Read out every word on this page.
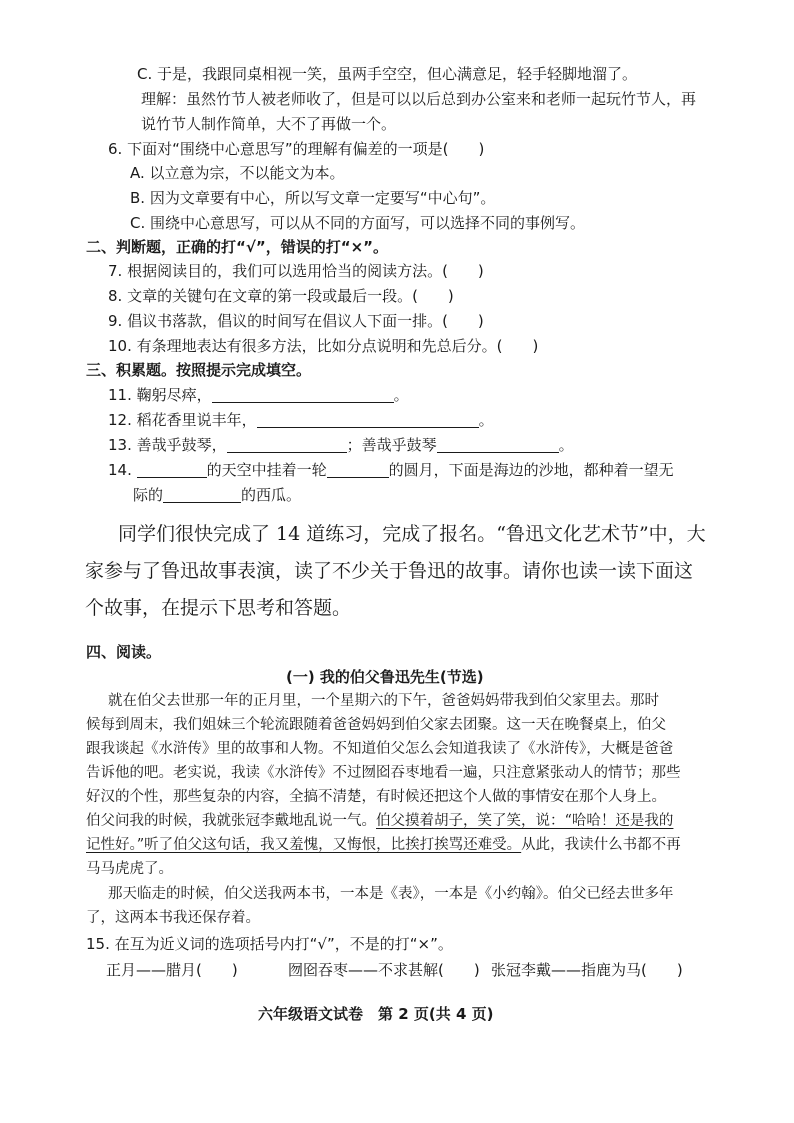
C. 于是，我跟同桌相视一笑，虽两手空空，但心满意足，轻手轻脚地溜了。
理解：虽然竹节人被老师收了，但是可以以后总到办公室来和老师一起玩竹节人，再
说竹节人制作简单，大不了再做一个。
6. 下面对“围绕中心意思写”的理解有偏差的一项是(　　)
A. 以立意为宗，不以能文为本。
B. 因为文章要有中心，所以写文章一定要写“中心句”。
C. 围绕中心意思写，可以从不同的方面写，可以选择不同的事例写。
二、判断题，正确的打“√”，错误的打“×”。
7. 根据阅读目的，我们可以选用恰当的阅读方法。(　　)
8. 文章的关键句在文章的第一段或最后一段。(　　)
9. 倡议书落款，倡议的时间写在倡议人下面一排。(　　)
10. 有条理地表达有很多方法，比如分点说明和先总后分。(　　)
三、积累题。按照提示完成填空。
11. 鞠躬尽瘁，	。
12. 稻花香里说丰年，	。
13. 善哉乎鼓琴，	；善哉乎鼓琴	。
14.	的天空中挂着一轮	的圆月，下面是海边的沙地，都种着一望无
际的	的西瓜。
同学们很快完成了 14 道练习，完成了报名。“鲁迅文化艺术节”中，大
家参与了鲁迅故事表演，读了不少关于鲁迅的故事。请你也读一读下面这
个故事，在提示下思考和答题。
四、阅读。
(一) 我的伯父鲁迅先生(节选)
就在伯父去世那一年的正月里，一个星期六的下午，爸爸妈妈带我到伯父家里去。那时
候每到周末，我们姐妹三个轮流跟随着爸爸妈妈到伯父家去团聚。这一天在晚餐桌上，伯父
跟我谈起《水浒传》里的故事和人物。不知道伯父怎么会知道我读了《水浒传》，大概是爸爸
告诉他的吧。老实说，我读《水浒传》不过囫囵吞枣地看一遍，只注意紧张动人的情节；那些
好汉的个性，那些复杂的内容，全搞不清楚，有时候还把这个人做的事情安在那个人身上。
伯父问我的时候，我就张冠李戴地乱说一气。伯父摸着胡子，笑了笑，说：“哈哈！还是我的
记性好。”听了伯父这句话，我又羞愧，又悔恨，比挨打挨骂还难受。从此，我读什么书都不再
马马虎虎了。
那天临走的时候，伯父送我两本书，一本是《表》，一本是《小约翰》。伯父已经去世多年
了，这两本书我还保存着。
15. 在互为近义词的选项括号内打“√”，不是的打“×”。
正月——腊月(　　)	囫囵吞枣——不求甚解(　　) 张冠李戴——指鹿为马(　　)
六年级语文试卷　第 2 页(共 4 页)
